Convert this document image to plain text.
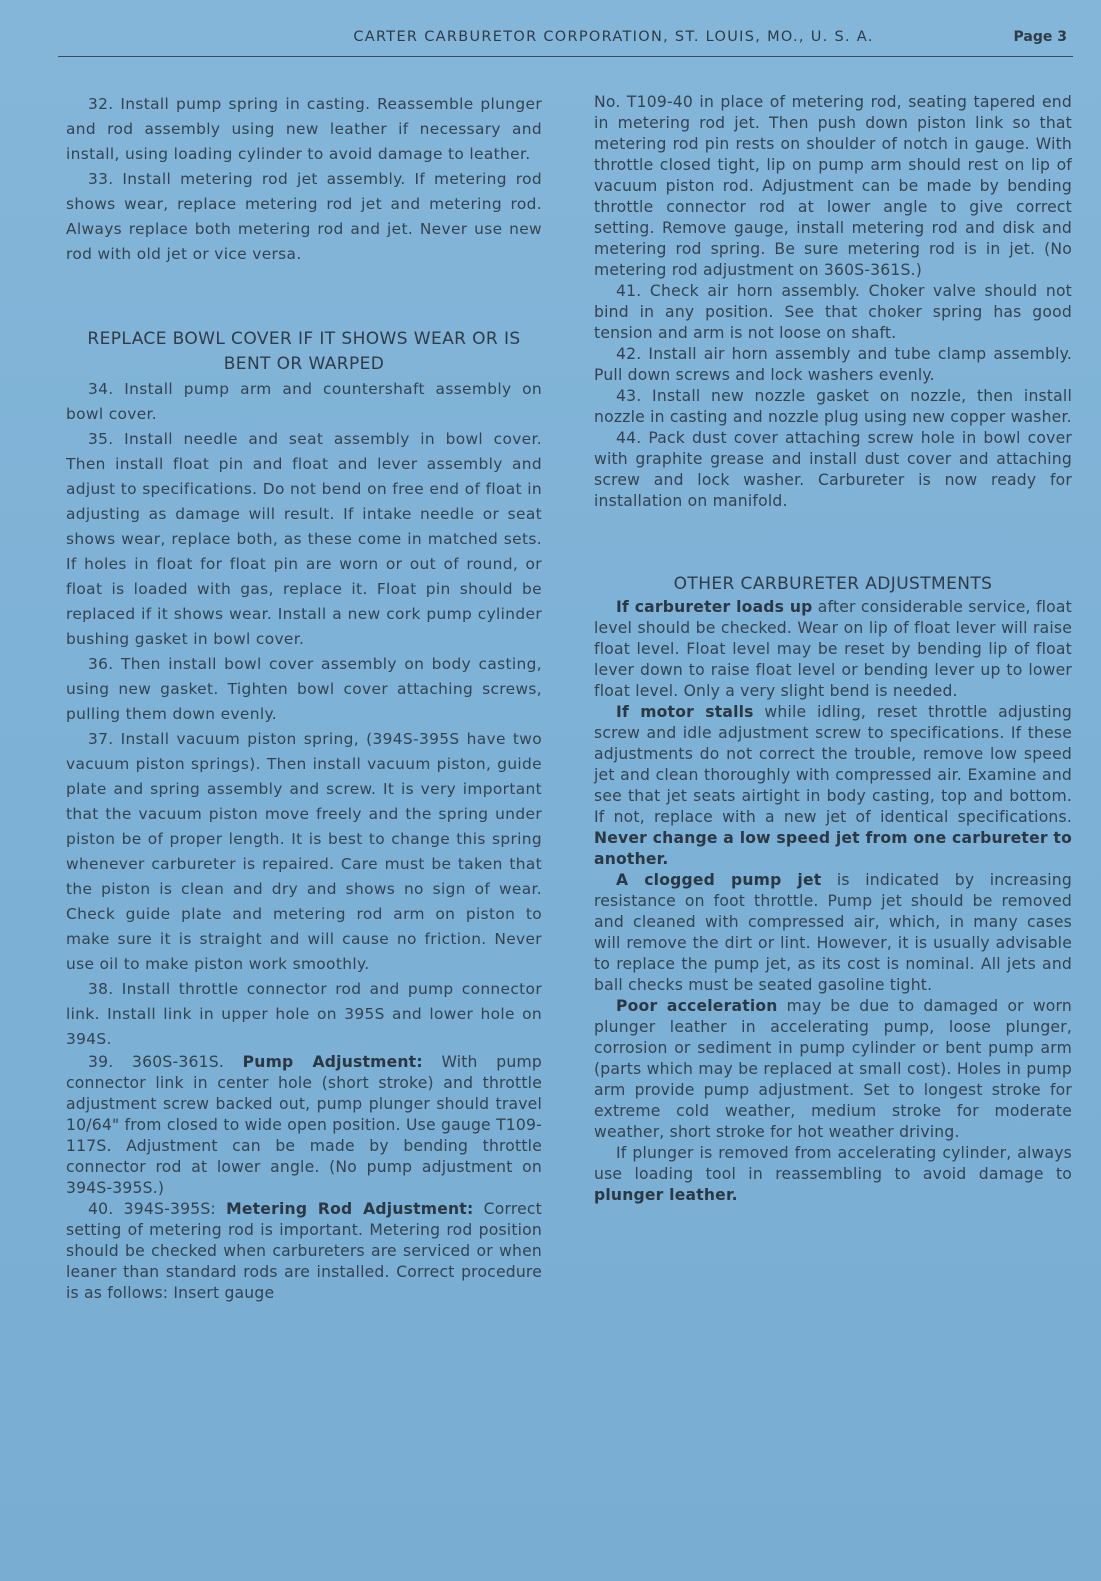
CARTER CARBURETOR CORPORATION, ST. LOUIS, MO., U. S. A.	Page 3

32. Install pump spring in casting. Reassemble plunger and rod assembly using new leather if necessary and install, using loading cylinder to avoid damage to leather.

33. Install metering rod jet assembly. If metering rod shows wear, replace metering rod jet and metering rod. Always replace both metering rod and jet. Never use new rod with old jet or vice versa.

REPLACE BOWL COVER IF IT SHOWS WEAR OR IS BENT OR WARPED

34. Install pump arm and countershaft assembly on bowl cover.

35. Install needle and seat assembly in bowl cover. Then install float pin and float and lever assembly and adjust to specifications. Do not bend on free end of float in adjusting as damage will result. If intake needle or seat shows wear, replace both, as these come in matched sets. If holes in float for float pin are worn or out of round, or float is loaded with gas, replace it. Float pin should be replaced if it shows wear. Install a new cork pump cylinder bushing gasket in bowl cover.

36. Then install bowl cover assembly on body casting, using new gasket. Tighten bowl cover attaching screws, pulling them down evenly.

37. Install vacuum piston spring, (394S-395S have two vacuum piston springs). Then install vacuum piston, guide plate and spring assembly and screw. It is very important that the vacuum piston move freely and the spring under piston be of proper length. It is best to change this spring whenever carbureter is repaired. Care must be taken that the piston is clean and dry and shows no sign of wear. Check guide plate and metering rod arm on piston to make sure it is straight and will cause no friction. Never use oil to make piston work smoothly.

38. Install throttle connector rod and pump connector link. Install link in upper hole on 395S and lower hole on 394S.

39. 360S-361S. Pump Adjustment: With pump connector link in center hole (short stroke) and throttle adjustment screw backed out, pump plunger should travel 10/64" from closed to wide open position. Use gauge T109-117S. Adjustment can be made by bending throttle connector rod at lower angle. (No pump adjustment on 394S-395S.)

40. 394S-395S: Metering Rod Adjustment: Correct setting of metering rod is important. Metering rod position should be checked when carbureters are serviced or when leaner than standard rods are installed. Correct procedure is as follows: Insert gauge

No. T109-40 in place of metering rod, seating tapered end in metering rod jet. Then push down piston link so that metering rod pin rests on shoulder of notch in gauge. With throttle closed tight, lip on pump arm should rest on lip of vacuum piston rod. Adjustment can be made by bending throttle connector rod at lower angle to give correct setting. Remove gauge, install metering rod and disk and metering rod spring. Be sure metering rod is in jet. (No metering rod adjustment on 360S-361S.)

41. Check air horn assembly. Choker valve should not bind in any position. See that choker spring has good tension and arm is not loose on shaft.

42. Install air horn assembly and tube clamp assembly. Pull down screws and lock washers evenly.

43. Install new nozzle gasket on nozzle, then install nozzle in casting and nozzle plug using new copper washer.

44. Pack dust cover attaching screw hole in bowl cover with graphite grease and install dust cover and attaching screw and lock washer. Carbureter is now ready for installation on manifold.

OTHER CARBURETER ADJUSTMENTS

If carbureter loads up after considerable service, float level should be checked. Wear on lip of float lever will raise float level. Float level may be reset by bending lip of float lever down to raise float level or bending lever up to lower float level. Only a very slight bend is needed.

If motor stalls while idling, reset throttle adjusting screw and idle adjustment screw to specifications. If these adjustments do not correct the trouble, remove low speed jet and clean thoroughly with compressed air. Examine and see that jet seats airtight in body casting, top and bottom. If not, replace with a new jet of identical specifications. Never change a low speed jet from one carbureter to another.

A clogged pump jet is indicated by increasing resistance on foot throttle. Pump jet should be removed and cleaned with compressed air, which, in many cases will remove the dirt or lint. However, it is usually advisable to replace the pump jet, as its cost is nominal. All jets and ball checks must be seated gasoline tight.

Poor acceleration may be due to damaged or worn plunger leather in accelerating pump, loose plunger, corrosion or sediment in pump cylinder or bent pump arm (parts which may be replaced at small cost). Holes in pump arm provide pump adjustment. Set to longest stroke for extreme cold weather, medium stroke for moderate weather, short stroke for hot weather driving.

If plunger is removed from accelerating cylinder, always use loading tool in reassembling to avoid damage to plunger leather.
